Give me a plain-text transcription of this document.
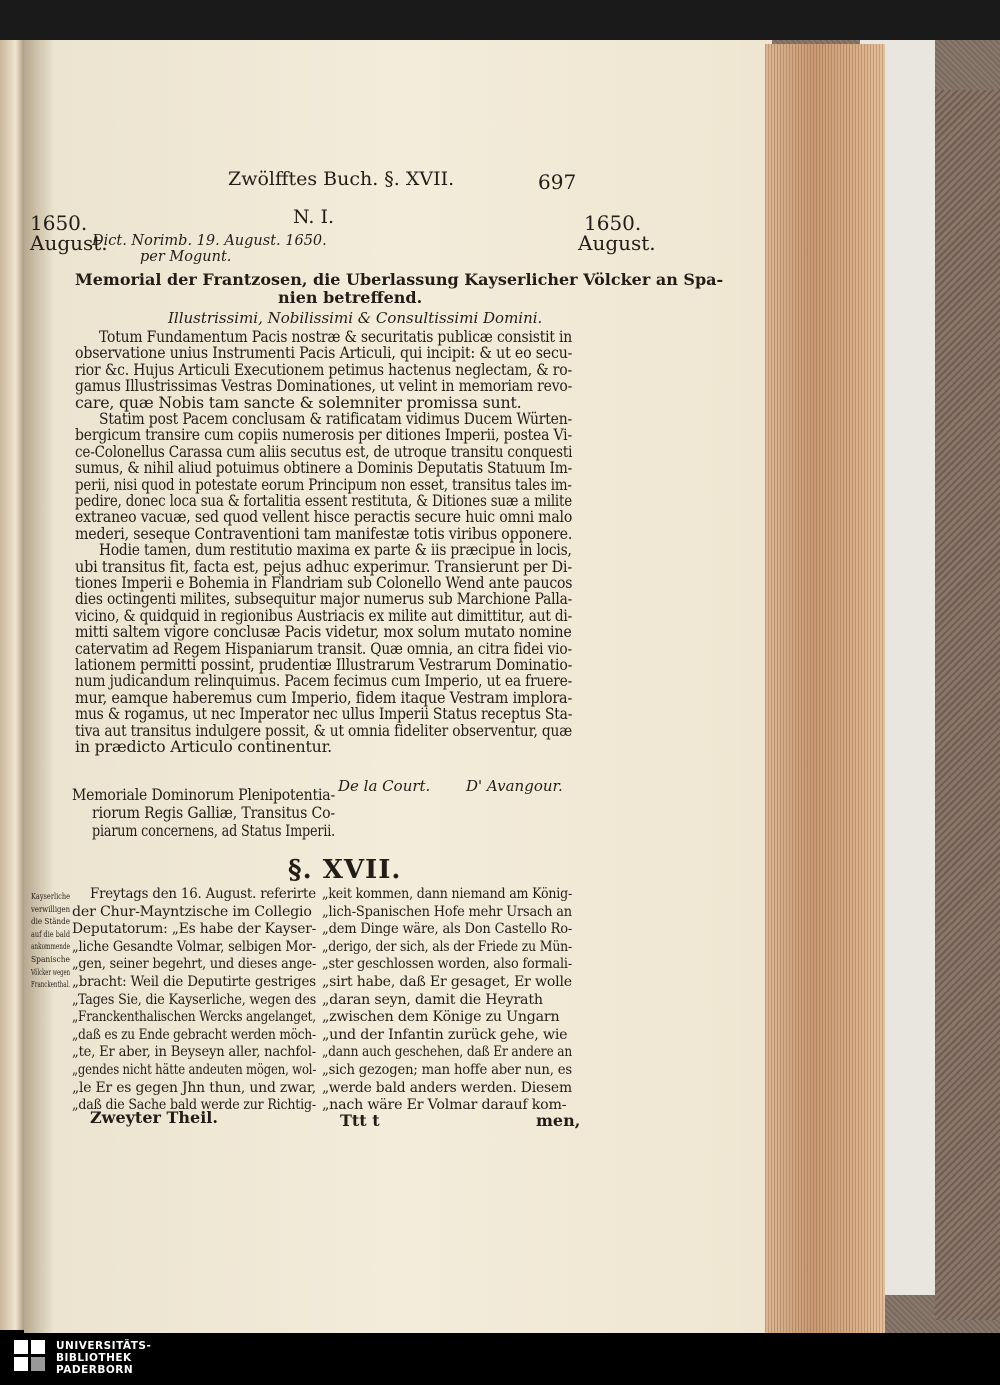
Zwölfftes Buch. §. XVII.	697
1650.
August.
1650.
August.
N. I.
Dict. Norimb. 19. August. 1650.
per Mogunt.
Memorial der Frantzosen, die Uberlassung Kayserlicher Völcker an Spa-
nien betreffend.
Illustrissimi, Nobilissimi & Consultissimi Domini.
Totum Fundamentum Pacis nostræ & securitatis publicæ consistit in
observatione unius Instrumenti Pacis Articuli, qui incipit: & ut eo secu-
rior &c. Hujus Articuli Executionem petimus hactenus neglectam, & ro-
gamus Illustrissimas Vestras Dominationes, ut velint in memoriam revo-
care, quæ Nobis tam sancte & solemniter promissa sunt.
Statim post Pacem conclusam & ratificatam vidimus Ducem Würten-
bergicum transire cum copiis numerosis per ditiones Imperii, postea Vi-
ce-Colonellus Carassa cum aliis secutus est, de utroque transitu conquesti
sumus, & nihil aliud potuimus obtinere a Dominis Deputatis Statuum Im-
perii, nisi quod in potestate eorum Principum non esset, transitus tales im-
pedire, donec loca sua & fortalitia essent restituta, & Ditiones suæ a milite
extraneo vacuæ, sed quod vellent hisce peractis secure huic omni malo
mederi, seseque Contraventioni tam manifestæ totis viribus opponere.
Hodie tamen, dum restitutio maxima ex parte & iis præcipue in locis,
ubi transitus fit, facta est, pejus adhuc experimur. Transierunt per Di-
tiones Imperii e Bohemia in Flandriam sub Colonello Wend ante paucos
dies octingenti milites, subsequitur major numerus sub Marchione Palla-
vicino, & quidquid in regionibus Austriacis ex milite aut dimittitur, aut di-
mitti saltem vigore conclusæ Pacis videtur, mox solum mutato nomine
catervatim ad Regem Hispaniarum transit. Quæ omnia, an citra fidei vio-
lationem permitti possint, prudentiæ Illustrarum Vestrarum Dominatio-
num judicandum relinquimus. Pacem fecimus cum Imperio, ut ea fruere-
mur, eamque haberemus cum Imperio, fidem itaque Vestram implora-
mus & rogamus, ut nec Imperator nec ullus Imperii Status receptus Sta-
tiva aut transitus indulgere possit, & ut omnia fideliter observentur, quæ
in prædicto Articulo continentur.
De la Court. D' Avangour.
Memoriale Dominorum Plenipotentia-
riorum Regis Galliæ, Transitus Co-
piarum concernens, ad Status Imperii.
§. XVII.
Kayserliche
verwilligen
die Stände
auf die bald
ankommende
Spanische
Völcker wegen
Franckenthal.
Freytags den 16. August. referirte
der Chur-Mayntzische im Collegio
Deputatorum: „Es habe der Kayser-
„liche Gesandte Volmar, selbigen Mor-
„gen, seiner begehrt, und dieses ange-
„bracht: Weil die Deputirte gestriges
„Tages Sie, die Kayserliche, wegen des
„Franckenthalischen Wercks angelanget,
„daß es zu Ende gebracht werden möch-
„te, Er aber, in Beyseyn aller, nachfol-
„gendes nicht hätte andeuten mögen, wol-
„le Er es gegen Jhn thun, und zwar,
„daß die Sache bald werde zur Richtig-
„keit kommen, dann niemand am König-
„lich-Spanischen Hofe mehr Ursach an
„dem Dinge wäre, als Don Castello Ro-
„derigo, der sich, als der Friede zu Mün-
„ster geschlossen worden, also formali-
„sirt habe, daß Er gesaget, Er wolle
„daran seyn, damit die Heyrath
„zwischen dem Könige zu Ungarn
„und der Infantin zurück gehe, wie
„dann auch geschehen, daß Er andere an
„sich gezogen; man hoffe aber nun, es
„werde bald anders werden. Diesem
„nach wäre Er Volmar darauf kom-
Zweyter Theil.	Ttt t	men,
UNIVERSITÄTS-
BIBLIOTHEK
PADERBORN
